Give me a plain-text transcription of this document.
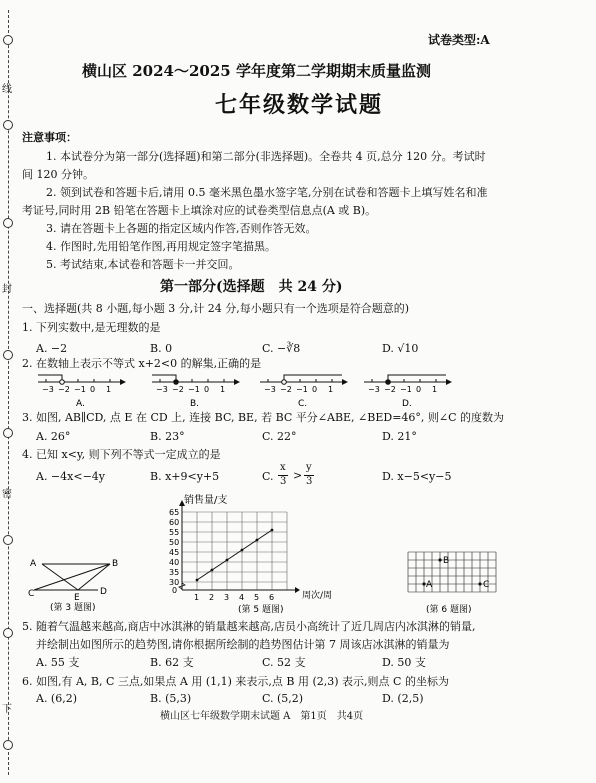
线
封
密
下
试卷类型:A
横山区 2024～2025 学年度第二学期期末质量监测
七年级数学试题
注意事项：
1. 本试卷分为第一部分(选择题)和第二部分(非选择题)。全卷共 4 页,总分 120 分。考试时
间 120 分钟。
2. 领到试卷和答题卡后,请用 0.5 毫米黑色墨水签字笔,分别在试卷和答题卡上填写姓名和准
考证号,同时用 2B 铅笔在答题卡上填涂对应的试卷类型信息点(A 或 B)。
3. 请在答题卡上各题的指定区域内作答,否则作答无效。
4. 作图时,先用铅笔作图,再用规定签字笔描黑。
5. 考试结束,本试卷和答题卡一并交回。
第一部分(选择题　共 24 分)
一、选择题(共 8 小题,每小题 3 分,计 24 分,每小题只有一个选项是符合题意的)
1. 下列实数中,是无理数的是
A. −2	B. 0	C. −∛8	D. √10
2. 在数轴上表示不等式 x+2<0 的解集,正确的是
−3 −2 −1 0 1
A.
−3 −2 −1 0 1
B.
−3 −2 −1 0 1
C.
−3 −2 −1 0 1
D.
3. 如图, AB∥CD, 点 E 在 CD 上, 连接 BC, BE, 若 BC 平分∠ABE, ∠BED=46°, 则∠C 的度数为
A. 26°	B. 23°	C. 22°	D. 21°
4. 已知 x<y, 则下列不等式一定成立的是
A. −4x<−4y	B. x+9<y+5	C.
x
3 >
y
3	D. x−5<y−5
A	B
C	E
D
(第 3 题图)
30
35
40
45
50
55
60
65
0
1 2 3 4 5 6
销售量/支
周次/周
(第 5 题图)
B
A	C
(第 6 题图)
5. 随着气温越来越高,商店中冰淇淋的销量越来越高,店员小高统计了近几周店内冰淇淋的销量,
并绘制出如图所示的趋势图,请你根据所绘制的趋势图估计第 7 周该店冰淇淋的销量为
A. 55 支	B. 62 支	C. 52 支	D. 50 支
6. 如图,有 A, B, C 三点,如果点 A 用 (1,1) 来表示,点 B 用 (2,3) 表示,则点 C 的坐标为
A. (6,2)	B. (5,3)	C. (5,2)	D. (2,5)
横山区七年级数学期末试题 A　第1页　共4页
